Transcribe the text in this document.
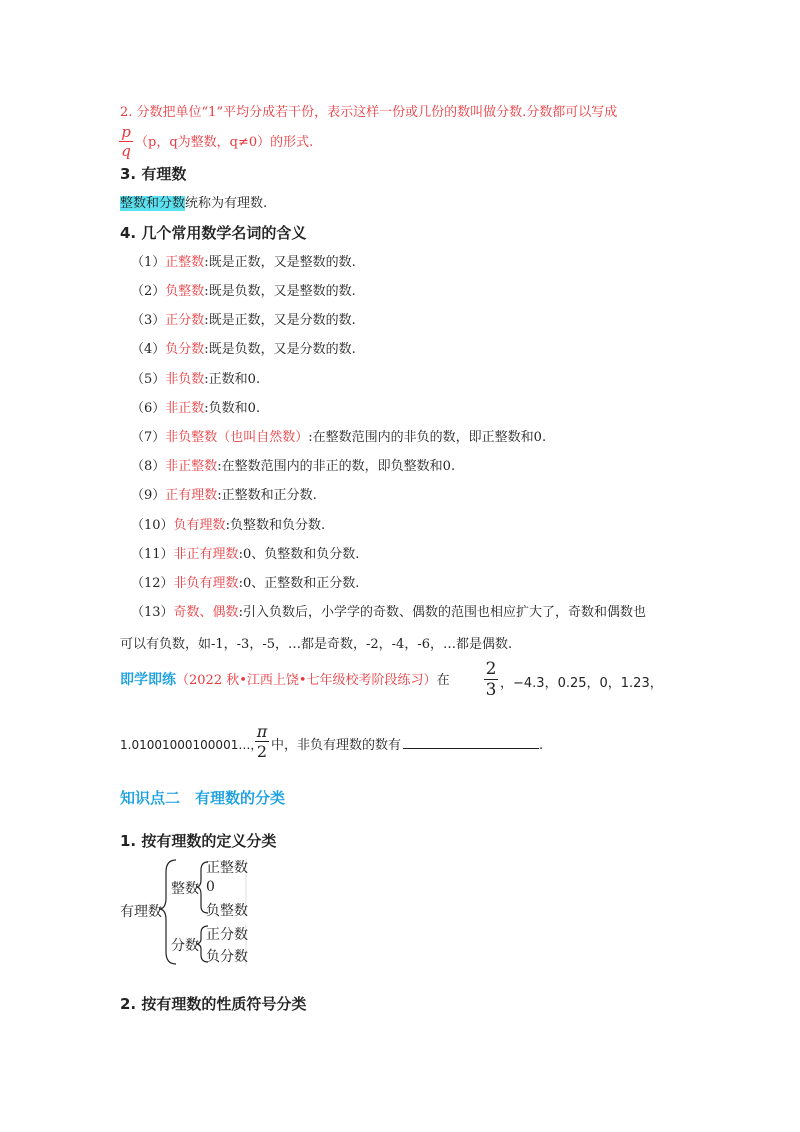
2. 分数把单位“1”平均分成若干份，表示这样一份或几份的数叫做分数.分数都可以写成
$\frac{p}{q} (p$，q为整数，q≠0）的形式.
3. 有理数
整数和分数统称为有理数.
4. 几个常用数学名词的含义
（1）正整数:既是正数，又是整数的数.
（2）负整数:既是负数，又是整数的数.
（3）正分数:既是正数，又是分数的数.
（4）负分数:既是负数，又是分数的数.
（5）非负数:正数和0.
（6）非正数:负数和0.
（7）非负整数（也叫自然数）:在整数范围内的非负的数，即正整数和0.
（8）非正整数:在整数范围内的非正的数，即负整数和0.
（9）正有理数:正整数和正分数.
（10）负有理数:负整数和负分数.
（11）非正有理数:0、负整数和负分数.
（12）非负有理数:0、正整数和正分数.
（13）奇数、偶数:引入负数后，小学学的奇数、偶数的范围也相应扩大了，奇数和偶数也
可以有负数，如-1，-3，-5，…都是奇数，-2，-4，-6，…都是偶数.
即学即练（2022 秋•江西上饶•七年级校考阶段练习）在 $\frac{2}{3}$ ，−4.3，0.25，0，1.23，
1.01001000100001…，
$\frac{\pi}{2}$ 中，非负有理数的数有	.
知识点二　有理数的分类
1. 按有理数的定义分类
有理数
整数
正整数
0
负整数
分数
正分数
负分数
2. 按有理数的性质符号分类
